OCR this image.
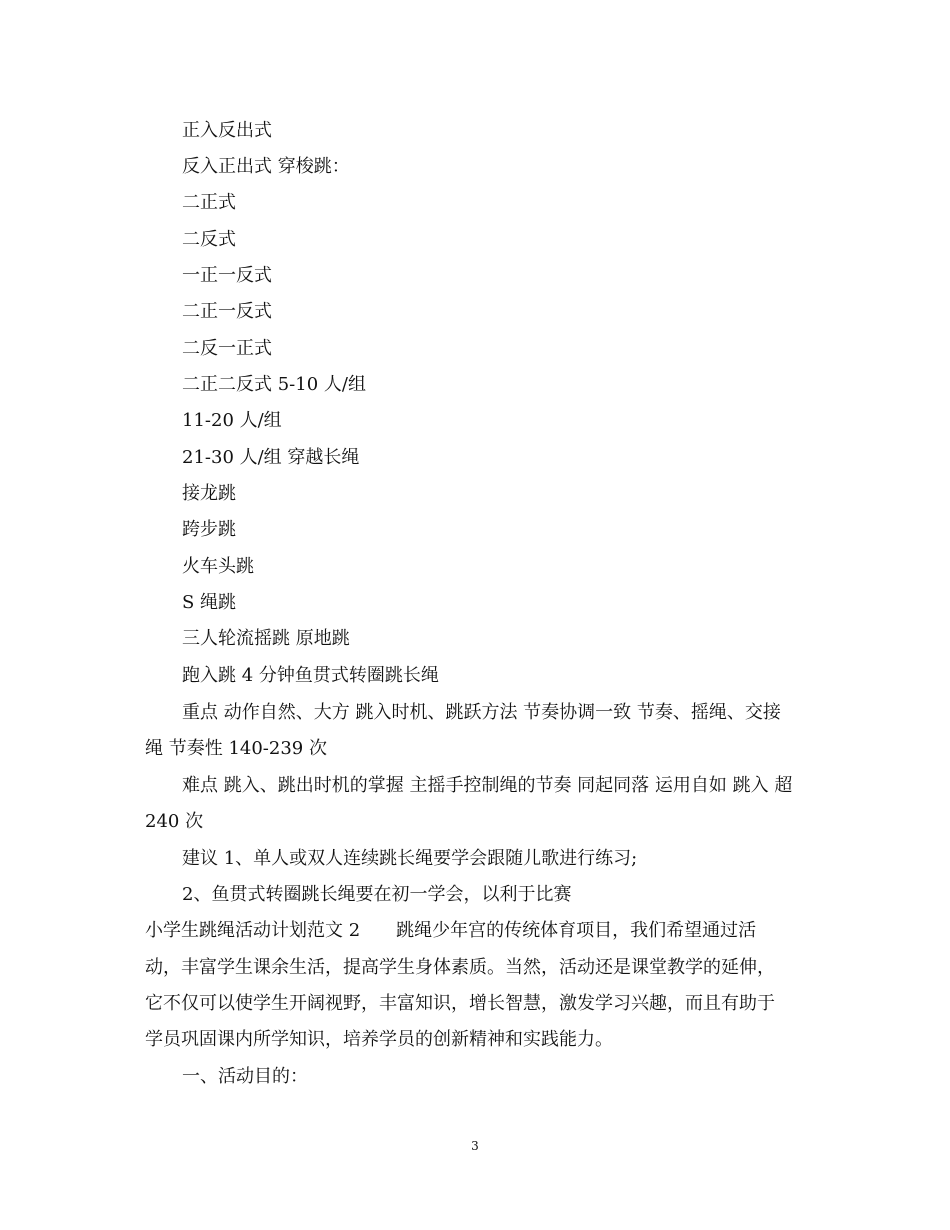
正入反出式
反入正出式 穿梭跳：
二正式
二反式
一正一反式
二正一反式
二反一正式
二正二反式 5-10 人/组
11-20 人/组
21-30 人/组 穿越长绳
接龙跳
跨步跳
火车头跳
S 绳跳
三人轮流摇跳 原地跳
跑入跳 4 分钟鱼贯式转圈跳长绳
重点 动作自然、大方 跳入时机、跳跃方法 节奏协调一致 节奏、摇绳、交接
绳 节奏性 140-239 次
难点 跳入、跳出时机的掌握 主摇手控制绳的节奏 同起同落 运用自如 跳入 超
240 次
建议 1、单人或双人连续跳长绳要学会跟随儿歌进行练习;
2、鱼贯式转圈跳长绳要在初一学会，以利于比赛
小学生跳绳活动计划范文 2　　跳绳少年宫的传统体育项目，我们希望通过活
动，丰富学生课余生活，提高学生身体素质。当然，活动还是课堂教学的延伸，
它不仅可以使学生开阔视野，丰富知识，增长智慧，激发学习兴趣，而且有助于
学员巩固课内所学知识，培养学员的创新精神和实践能力。
一、活动目的：
3
